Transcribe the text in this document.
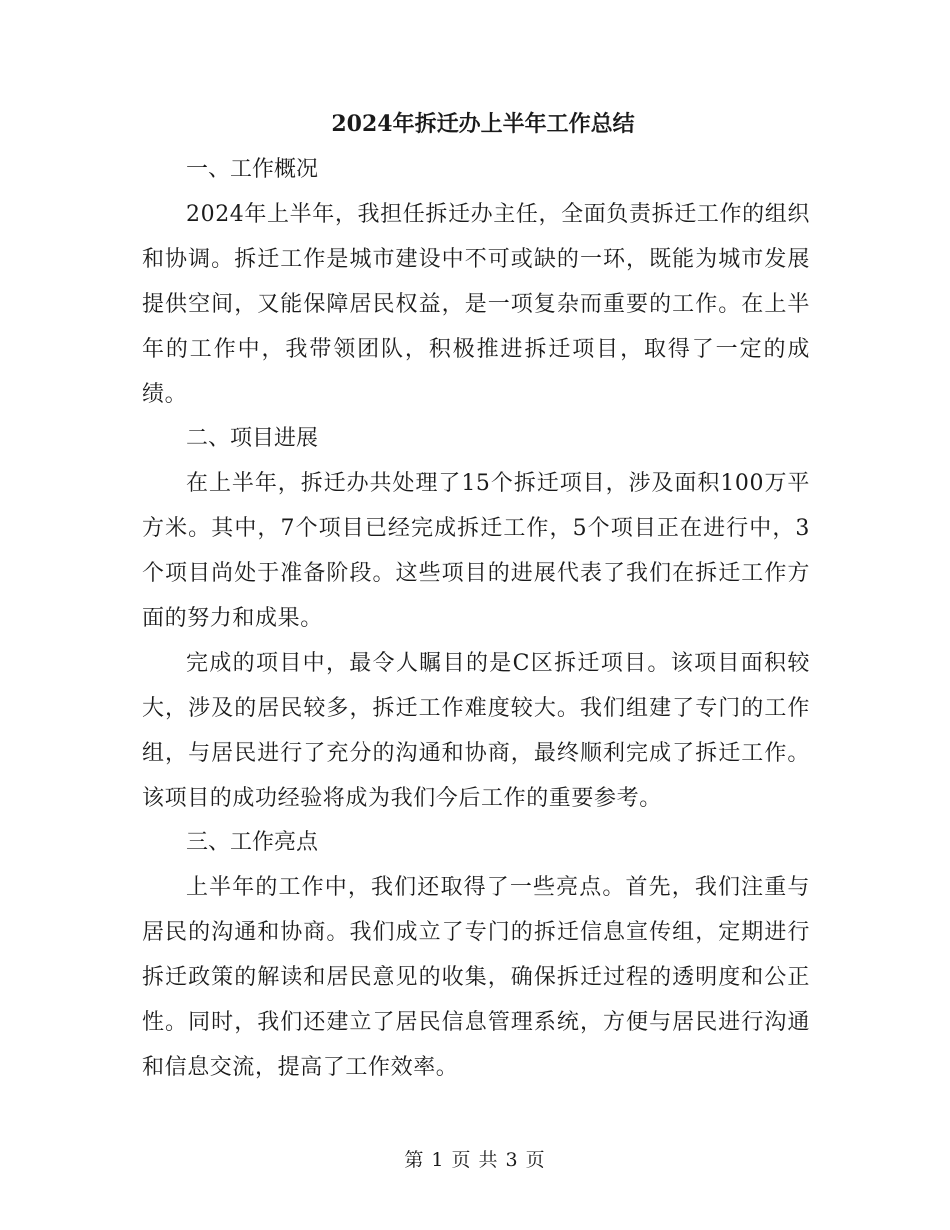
2024年拆迁办上半年工作总结

一、工作概况

2024年上半年，我担任拆迁办主任，全面负责拆迁工作的组织和协调。拆迁工作是城市建设中不可或缺的一环，既能为城市发展提供空间，又能保障居民权益，是一项复杂而重要的工作。在上半年的工作中，我带领团队，积极推进拆迁项目，取得了一定的成绩。

二、项目进展

在上半年，拆迁办共处理了15个拆迁项目，涉及面积100万平方米。其中，7个项目已经完成拆迁工作，5个项目正在进行中，3个项目尚处于准备阶段。这些项目的进展代表了我们在拆迁工作方面的努力和成果。

完成的项目中，最令人瞩目的是C区拆迁项目。该项目面积较大，涉及的居民较多，拆迁工作难度较大。我们组建了专门的工作组，与居民进行了充分的沟通和协商，最终顺利完成了拆迁工作。该项目的成功经验将成为我们今后工作的重要参考。

三、工作亮点

上半年的工作中，我们还取得了一些亮点。首先，我们注重与居民的沟通和协商。我们成立了专门的拆迁信息宣传组，定期进行拆迁政策的解读和居民意见的收集，确保拆迁过程的透明度和公正性。同时，我们还建立了居民信息管理系统，方便与居民进行沟通和信息交流，提高了工作效率。

第 1 页 共 3 页
